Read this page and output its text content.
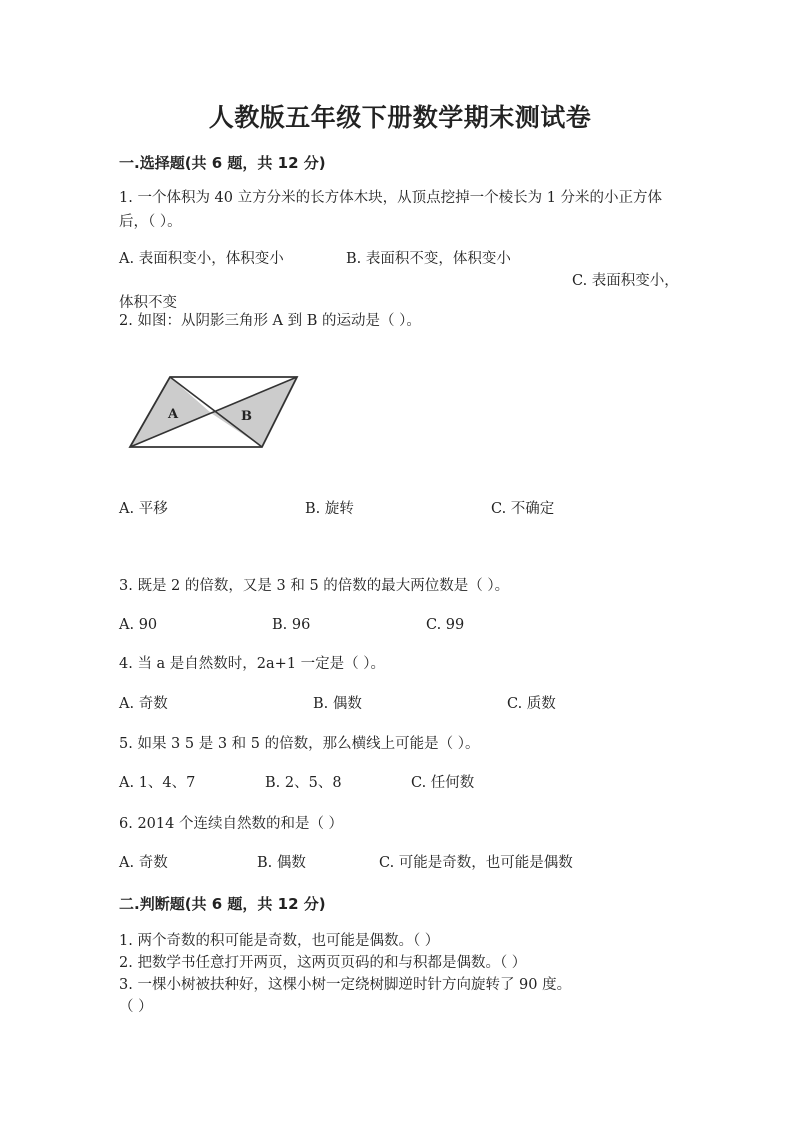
人教版五年级下册数学期末测试卷
一.选择题(共 6 题，共 12 分)
1. 一个体积为 40 立方分米的长方体木块，从顶点挖掉一个棱长为 1 分米的小正方体后，（ ）。
A. 表面积变小，体积变小	B. 表面积不变，体积变小
C. 表面积变小，体积不变
2. 如图：从阴影三角形 A 到 B 的运动是（ ）。
A	B
A. 平移	B. 旋转	C. 不确定
3. 既是 2 的倍数，又是 3 和 5 的倍数的最大两位数是（ ）。
A. 90	B. 96	C. 99
4. 当 a 是自然数时，2a+1 一定是（ ）。
A. 奇数	B. 偶数	C. 质数
5. 如果 3 5 是 3 和 5 的倍数，那么横线上可能是（ ）。
A. 1、4、7	B. 2、5、8	C. 任何数
6. 2014 个连续自然数的和是（ ）
A. 奇数	B. 偶数	C. 可能是奇数，也可能是偶数
二.判断题(共 6 题，共 12 分)
1. 两个奇数的积可能是奇数，也可能是偶数。（ ）
2. 把数学书任意打开两页，这两页页码的和与积都是偶数。（ ）
3. 一棵小树被扶种好，这棵小树一定绕树脚逆时针方向旋转了 90 度。
（ ）
